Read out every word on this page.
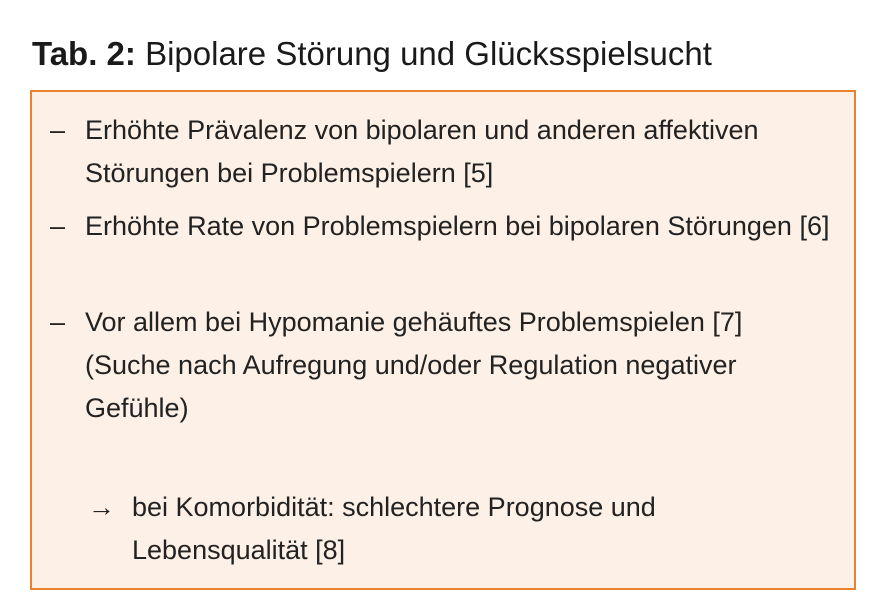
Tab. 2: Bipolare Störung und Glücksspielsucht
– Erhöhte Prävalenz von bipolaren und anderen affektiven Störungen bei Problemspielern [5]
– Erhöhte Rate von Problemspielern bei bipolaren Störungen [6]
– Vor allem bei Hypomanie gehäuftes Problemspielen [7] (Suche nach Aufregung und/oder Regulation negativer Gefühle)
→ bei Komorbidität: schlechtere Prognose und Lebensqualität [8]
